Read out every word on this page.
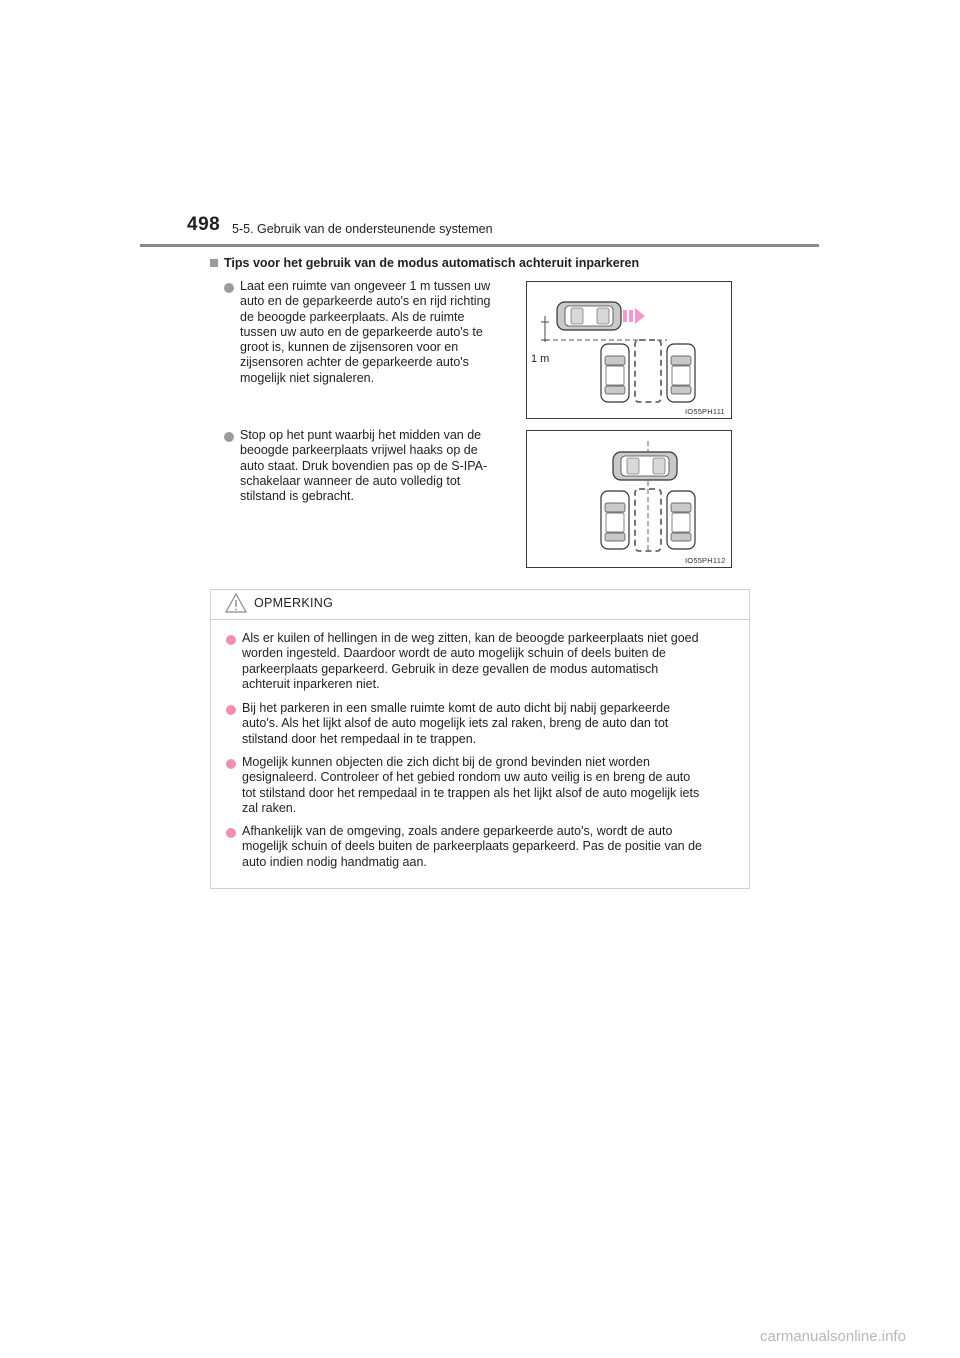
498 5-5. Gebruik van de ondersteunende systemen
Tips voor het gebruik van de modus automatisch achteruit inparkeren
Laat een ruimte van ongeveer 1 m tussen uw
auto en de geparkeerde auto's en rijd richting
de beoogde parkeerplaats. Als de ruimte
tussen uw auto en de geparkeerde auto's te
groot is, kunnen de zijsensoren voor en
zijsensoren achter de geparkeerde auto's
mogelijk niet signaleren.
Stop op het punt waarbij het midden van de
beoogde parkeerplaats vrijwel haaks op de
auto staat. Druk bovendien pas op de S-IPA-
schakelaar wanneer de auto volledig tot
stilstand is gebracht.
1 m
IO55PH111
IO55PH112
OPMERKING
Als er kuilen of hellingen in de weg zitten, kan de beoogde parkeerplaats niet goed
worden ingesteld. Daardoor wordt de auto mogelijk schuin of deels buiten de
parkeerplaats geparkeerd. Gebruik in deze gevallen de modus automatisch
achteruit inparkeren niet.
Bij het parkeren in een smalle ruimte komt de auto dicht bij nabij geparkeerde
auto's. Als het lijkt alsof de auto mogelijk iets zal raken, breng de auto dan tot
stilstand door het rempedaal in te trappen.
Mogelijk kunnen objecten die zich dicht bij de grond bevinden niet worden
gesignaleerd. Controleer of het gebied rondom uw auto veilig is en breng de auto
tot stilstand door het rempedaal in te trappen als het lijkt alsof de auto mogelijk iets
zal raken.
Afhankelijk van de omgeving, zoals andere geparkeerde auto's, wordt de auto
mogelijk schuin of deels buiten de parkeerplaats geparkeerd. Pas de positie van de
auto indien nodig handmatig aan.
carmanualsonline.info
